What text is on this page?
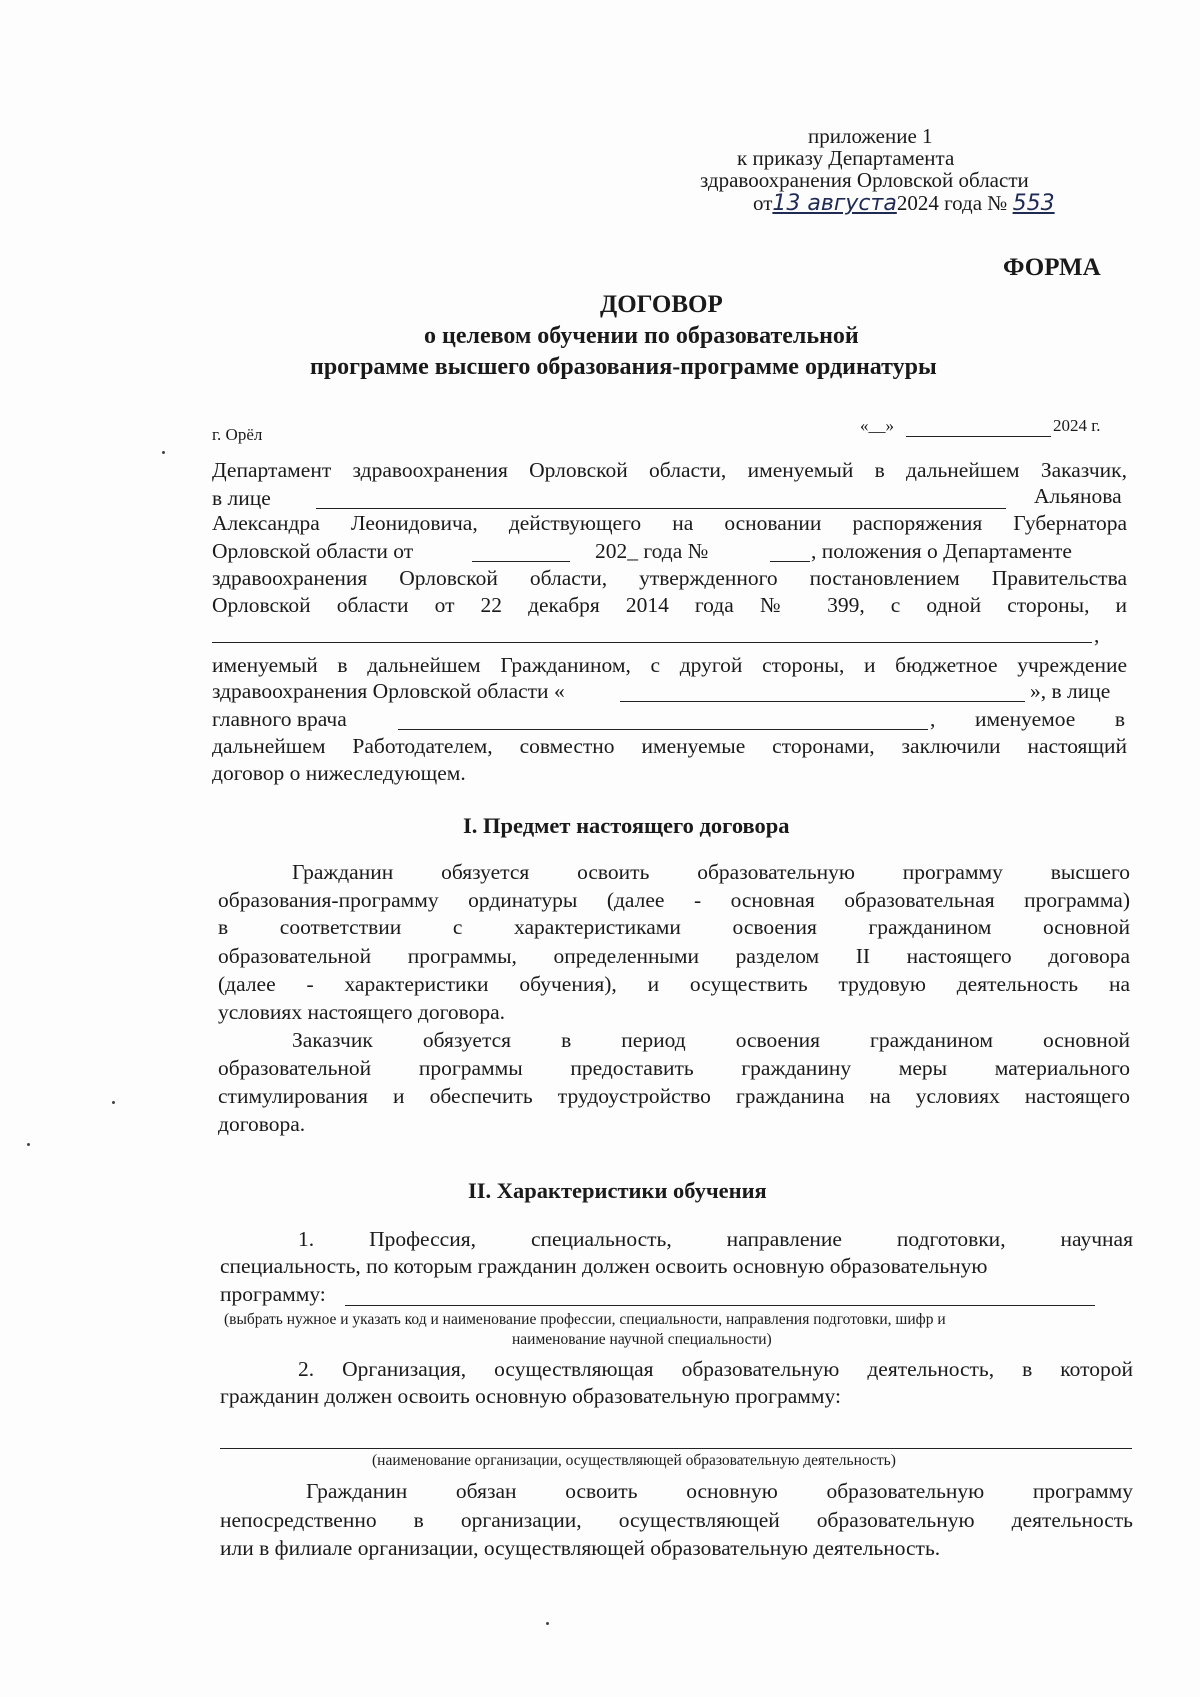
приложение 1
к приказу Департамента
здравоохранения Орловской области
от13 августа2024 года № 553
ФОРМА
ДОГОВОР
о целевом обучении по образовательной
программе высшего образования-программе ординатуры
г. Орёл	«__»	2024 г.
Департамент здравоохранения Орловской области, именуемый в дальнейшем Заказчик,
в лице	Альянова
Александра Леонидовича, действующего на основании распоряжения Губернатора
Орловской области от	202_ года №	, положения о Департаменте
здравоохранения Орловской области, утвержденного постановлением Правительства
Орловской области от 22 декабря 2014 года № 399, с одной стороны, и
,
именуемый в дальнейшем Гражданином, с другой стороны, и бюджетное учреждение
здравоохранения Орловской области «	», в лице
главного врача	, именуемое в
дальнейшем Работодателем, совместно именуемые сторонами, заключили настоящий
договор о нижеследующем.
I. Предмет настоящего договора
Гражданин обязуется освоить образовательную программу высшего
образования-программу ординатуры (далее - основная образовательная программа)
в соответствии с характеристиками освоения гражданином основной
образовательной программы, определенными разделом II настоящего договора
(далее - характеристики обучения), и осуществить трудовую деятельность на
условиях настоящего договора.
Заказчик обязуется в период освоения гражданином основной
образовательной программы предоставить гражданину меры материального
стимулирования и обеспечить трудоустройство гражданина на условиях настоящего
договора.
II. Характеристики обучения
1. Профессия, специальность, направление подготовки, научная
специальность, по которым гражданин должен освоить основную образовательную
программу:
(выбрать нужное и указать код и наименование профессии, специальности, направления подготовки, шифр и
наименование научной специальности)
2. Организация, осуществляющая образовательную деятельность, в которой
гражданин должен освоить основную образовательную программу:
(наименование организации, осуществляющей образовательную деятельность)
Гражданин обязан освоить основную образовательную программу
непосредственно в организации, осуществляющей образовательную деятельность
или в филиале организации, осуществляющей образовательную деятельность.
